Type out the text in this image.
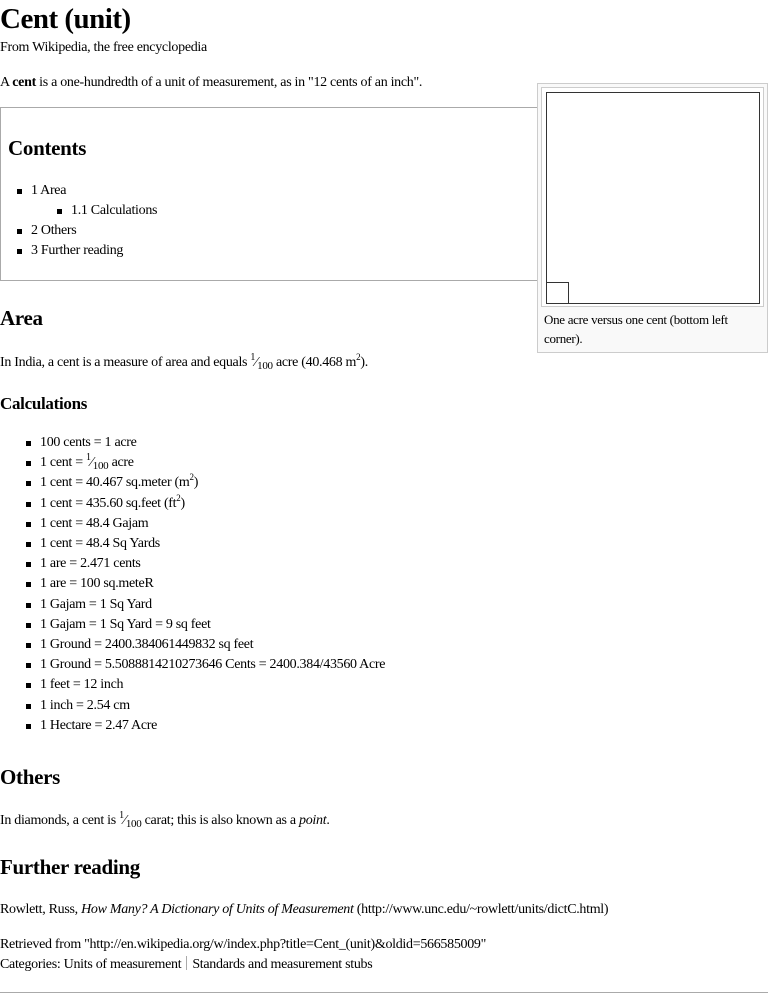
Cent (unit)
From Wikipedia, the free encyclopedia
A cent is a one-hundredth of a unit of measurement, as in "12 cents of an inch".
Contents
1 Area
1.1 Calculations
2 Others
3 Further reading
One acre versus one cent (bottom left corner).
Area
In India, a cent is a measure of area and equals $^1⁄_{100}$ acre (40.468 $m^2$).
Calculations
100 cents = 1 acre
1 cent = $^1⁄_{100}$ acre
1 cent = 40.467 sq.meter $(m^2)$
1 cent = 435.60 sq.feet $(ft^2)$
1 cent = 48.4 Gajam
1 cent = 48.4 Sq Yards
1 are = 2.471 cents
1 are = 100 sq.meteR
1 Gajam = 1 Sq Yard
1 Gajam = 1 Sq Yard = 9 sq feet
1 Ground = 2400.384061449832 sq feet
1 Ground = 5.5088814210273646 Cents = 2400.384/43560 Acre
1 feet = 12 inch
1 inch = 2.54 cm
1 Hectare = 2.47 Acre
Others
In diamonds, a cent is $^1⁄_{100}$ carat; this is also known as a point.
Further reading
Rowlett, Russ, How Many? A Dictionary of Units of Measurement (http://www.unc.edu/~rowlett/units/dictC.html)
Retrieved from "http://en.wikipedia.org/w/index.php?title=Cent_(unit)&oldid=566585009"
Categories: Units of measurement Standards and measurement stubs
